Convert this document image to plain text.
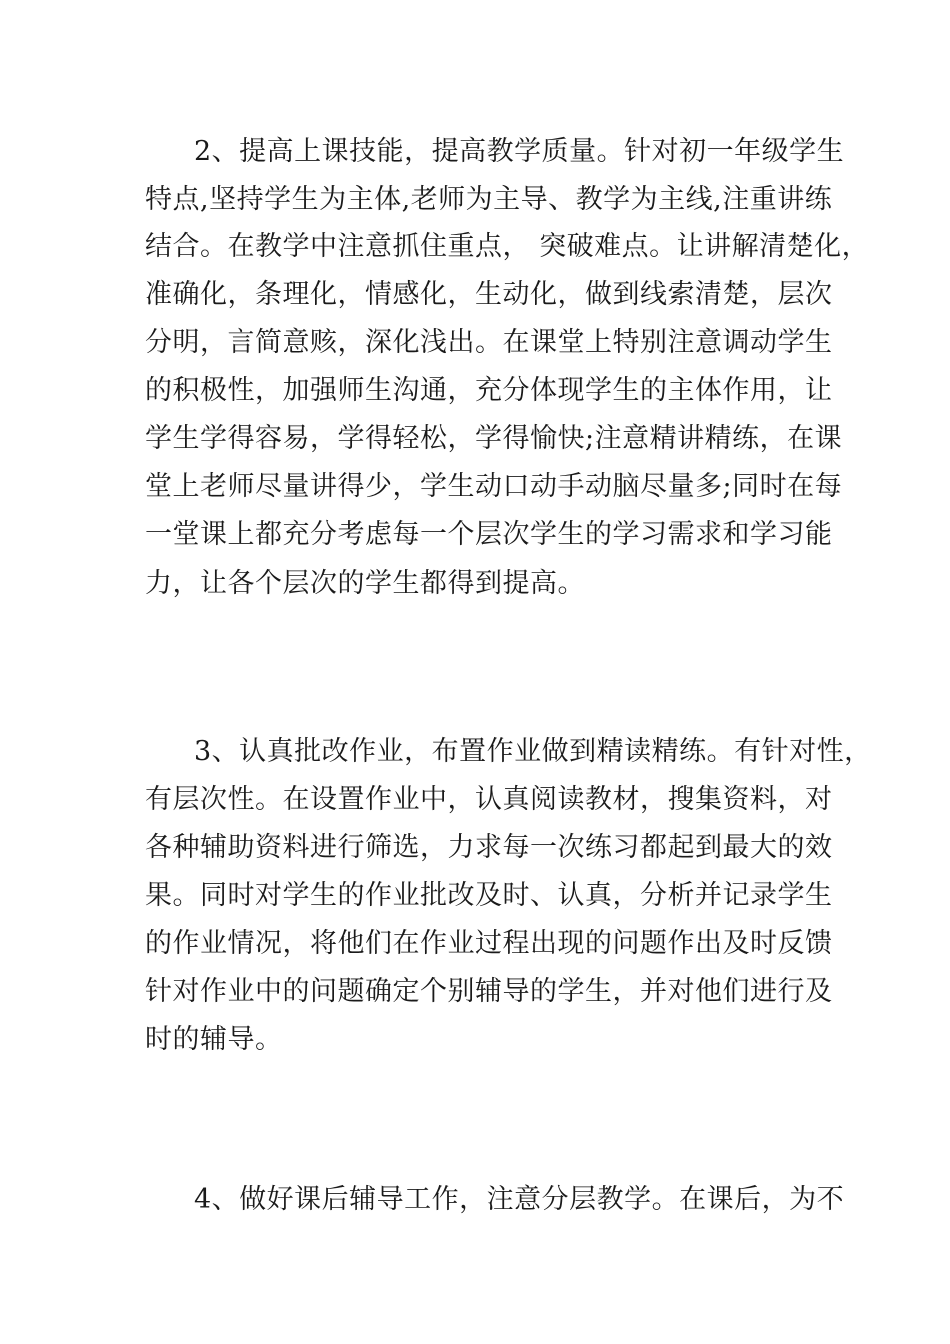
2、提高上课技能，提高教学质量。针对初一年级学生
特点,坚持学生为主体,老师为主导、教学为主线,注重讲练
结合。在教学中注意抓住重点， 突破难点。让讲解清楚化，
准确化，条理化，情感化，生动化，做到线索清楚，层次
分明，言简意赅，深化浅出。在课堂上特别注意调动学生
的积极性，加强师生沟通，充分体现学生的主体作用，让
学生学得容易，学得轻松，学得愉快;注意精讲精练，在课
堂上老师尽量讲得少，学生动口动手动脑尽量多;同时在每
一堂课上都充分考虑每一个层次学生的学习需求和学习能
力，让各个层次的学生都得到提高。
3、认真批改作业，布置作业做到精读精练。有针对性，
有层次性。在设置作业中，认真阅读教材，搜集资料，对
各种辅助资料进行筛选，力求每一次练习都起到最大的效
果。同时对学生的作业批改及时、认真，分析并记录学生
的作业情况，将他们在作业过程出现的问题作出及时反馈
针对作业中的问题确定个别辅导的学生，并对他们进行及
时的辅导。
4、做好课后辅导工作，注意分层教学。在课后，为不
